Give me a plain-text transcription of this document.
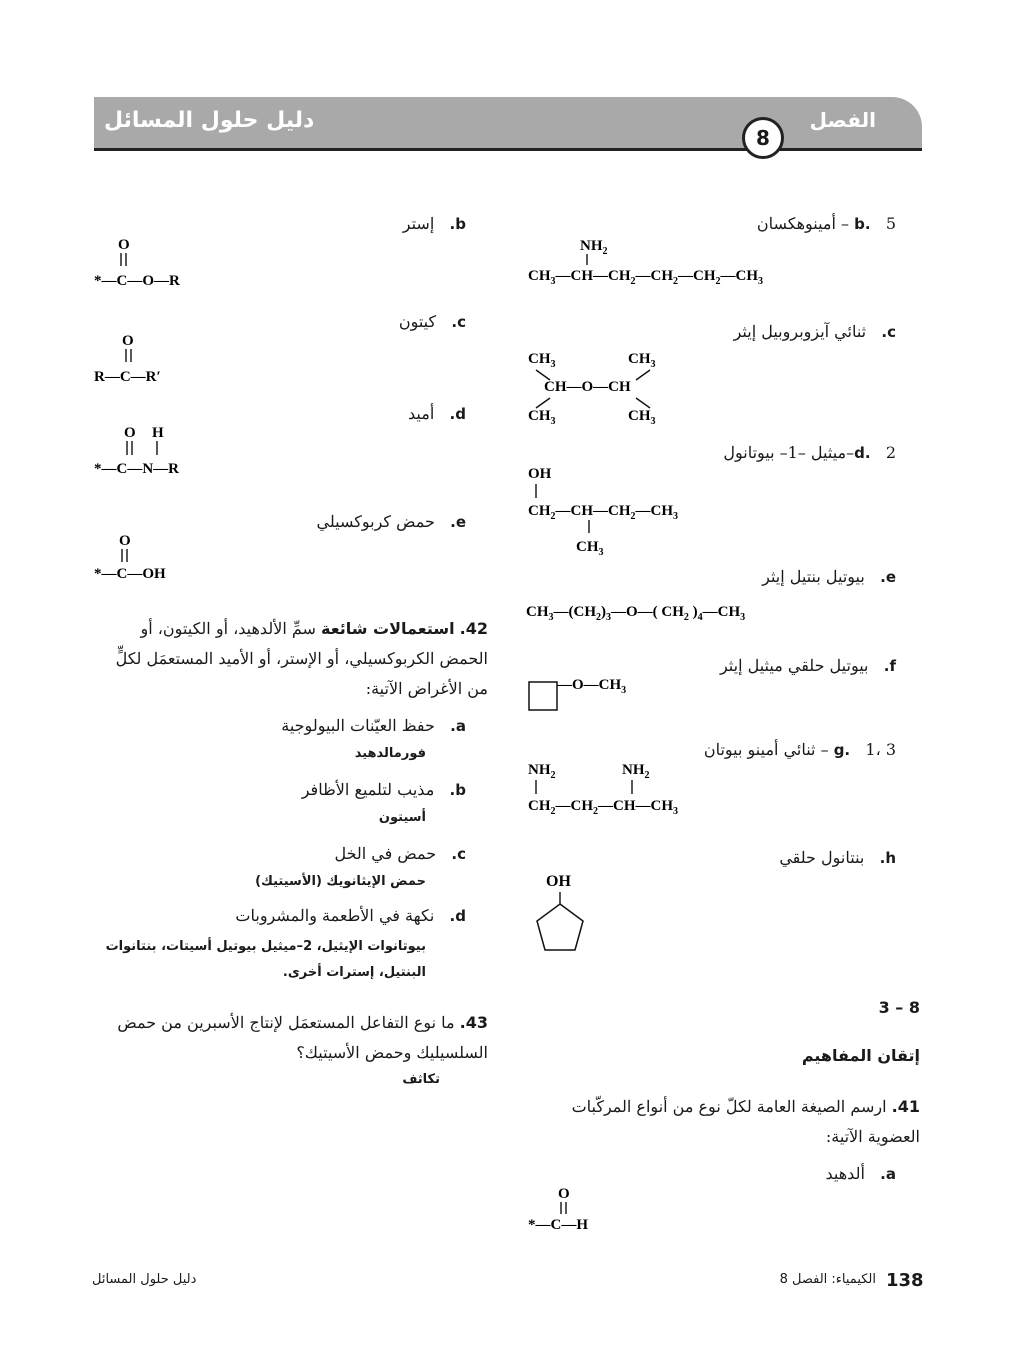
دليل حلول المسائل	الفصل
8
b.   5 – أمينوهكسان
$NH_2$
$CH_3—CH—CH_2—CH_2—CH_2—CH_3$
c.   ثنائي آيزوبروبيل إيثر
$CH_3$	$CH_3$
CH—O—CH
$CH_3$	$CH_3$
d.   2–ميثيل –1– بيوتانول
OH
$CH_2—CH—CH_2—CH_3$
$CH_3$
e.   بيوتيل بنتيل إيثر
$CH_3—(CH_2)_3—O—$( $CH_2$ )$_4—CH_3$
f.   بيوتيل حلقي ميثيل إيثر
$—O—CH_3$
g.   1، 3 – ثنائي أمينو بيوتان
$NH_2$	$NH_2$
$CH_2—CH_2—CH—CH_3$
h.   بنتانول حلقي
OH
8 – 3
إتقان المفاهيم
41. ارسم الصيغة العامة لكلّ نوع من أنواع المركّبات العضوية الآتية:
a.   ألدهيد
O
*—C—H
b.   إستر
O
*—C—O—R
c.   كيتون
O
R—C—R′
d.   أميد
O H
*—C—N—R
e.   حمض كربوكسيلي
O
*—C—OH
42. استعمالات شائعة سمِّ الألدهيد، أو الكيتون، أو الحمض الكربوكسيلي، أو الإستر، أو الأميد المستعمَل لكلٍّ من الأغراض الآتية:
a.   حفظ العيّنات البيولوجية
فورمالدهيد
b.   مذيب لتلميع الأظافر
أسيتون
c.   حمض في الخل
حمض الإيثانويك (الأسيتيك)
d.   نكهة في الأطعمة والمشروبات
بيوتانوات الإيثيل، 2–ميثيل بيوتيل أسيتات، بنتانوات البنتيل، إسترات أخرى.
43. ما نوع التفاعل المستعمَل لإنتاج الأسبرين من حمض السلسيليك وحمض الأسيتيك؟
تكاثف
دليل حلول المسائل	الكيمياء: الفصل 8 138
